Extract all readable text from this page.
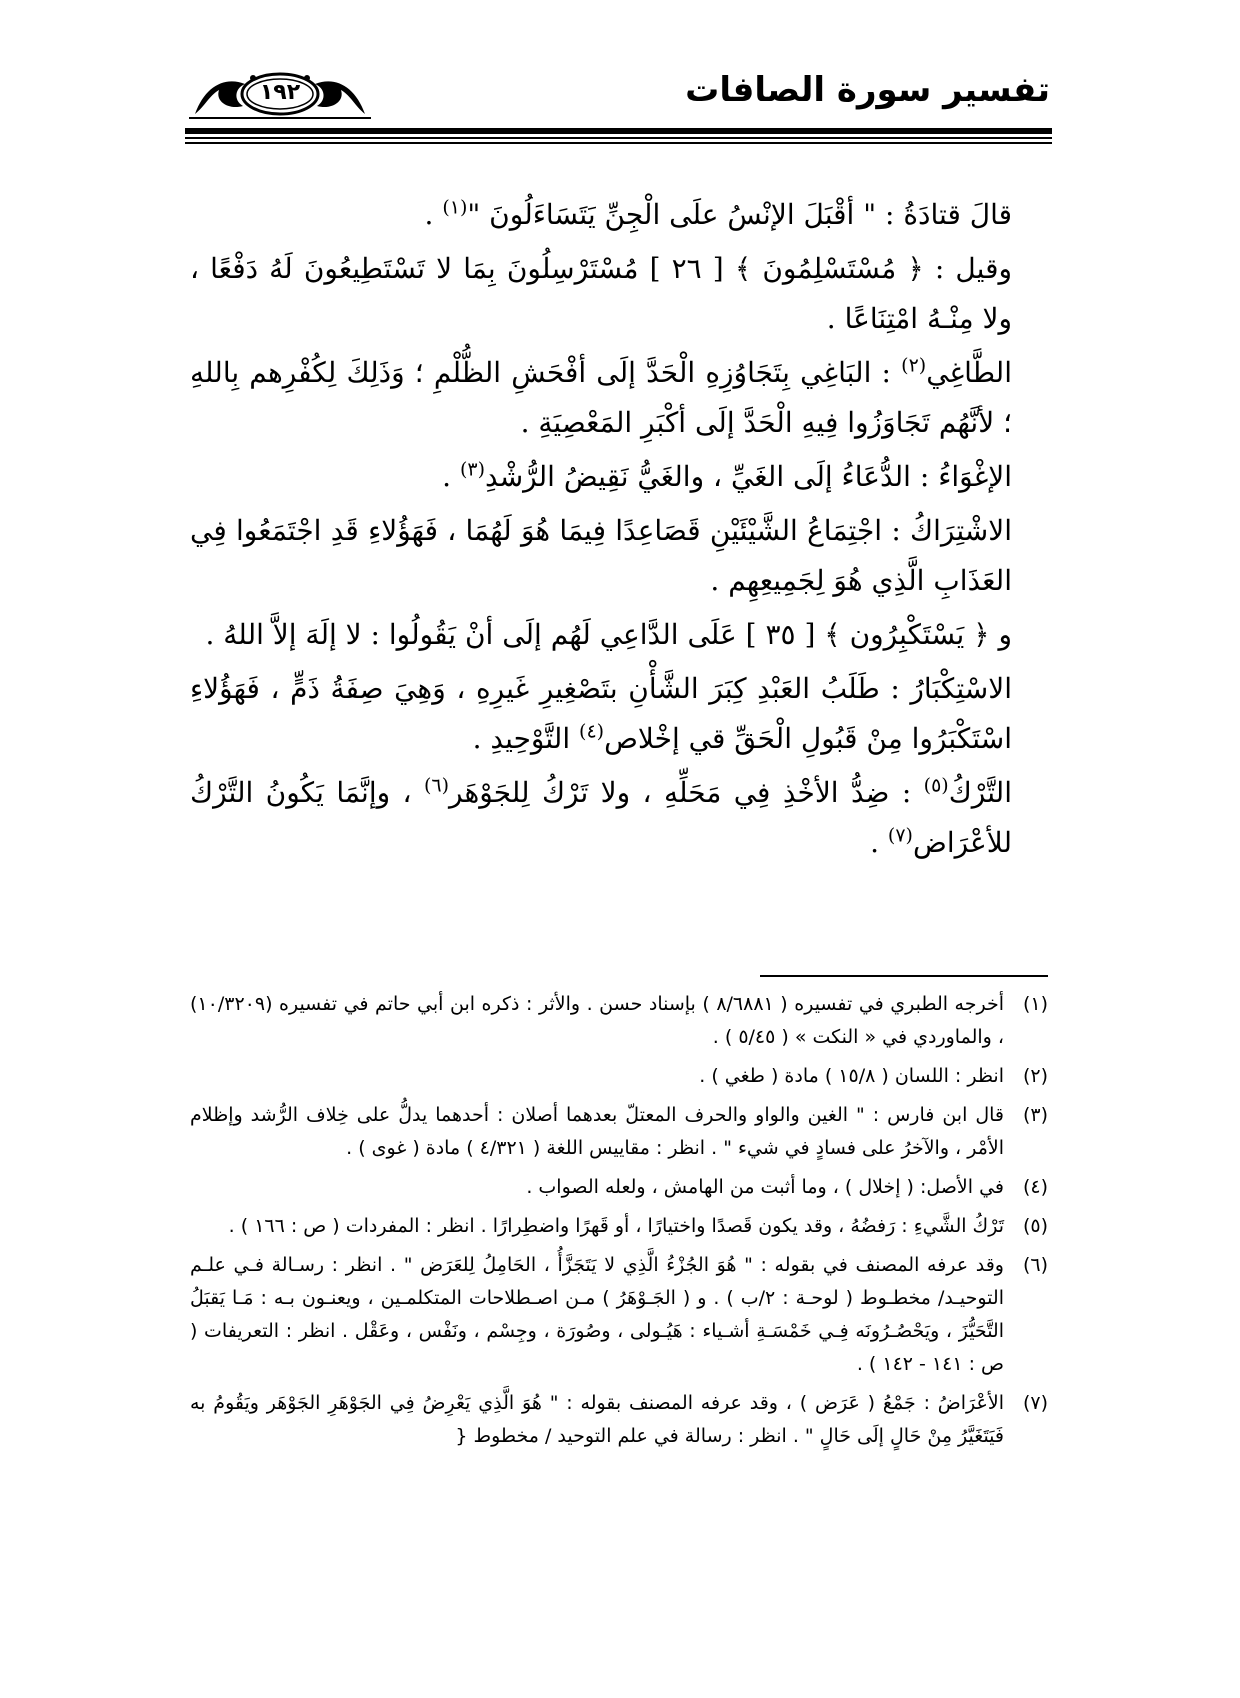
تفسير سورة الصافات
١٩٢

قالَ قتادَةُ : " أقْبَلَ الإنْسُ علَى الْجِنِّ يَتَسَاءَلُونَ "$^{(١)}$ .

وقيل : ﴿ مُسْتَسْلِمُونَ ﴾ [ ٢٦ ] مُسْتَرْسِلُونَ بِمَا لا تَسْتَطِيعُونَ لَهُ دَفْعًا ، ولا مِنْـهُ امْتِنَاعًا .

الطَّاغِي$^{(٢)}$ : البَاغِي بِتَجَاوُزِهِ الْحَدَّ إلَى أفْحَشِ الظُّلْمِ ؛ وَذَلِكَ لِكُفْرِهم بِاللهِ ؛ لأنَّهُم تَجَاوَزُوا فِيهِ الْحَدَّ إلَى أكْبَرِ المَعْصِيَةِ .

الإغْوَاءُ : الدُّعَاءُ إلَى الغَيِّ ، والغَيُّ نَقِيضُ الرُّشْدِ$^{(٣)}$ .

الاشْتِرَاكُ : اجْتِمَاعُ الشَّيْئَيْنِ قَصَاعِدًا فِيمَا هُوَ لَهُمَا ، فَهَؤُلاءِ قَدِ اجْتَمَعُوا فِي العَذَابِ الَّذِي هُوَ لِجَمِيعِهِم .

و ﴿ يَسْتَكْبِرُون ﴾ [ ٣٥ ] عَلَى الدَّاعِي لَهُم إلَى أنْ يَقُولُوا : لا إلَهَ إلاَّ اللهُ .

الاسْتِكْبَارُ : طَلَبُ العَبْدِ كِبَرَ الشَّأْنِ بتَصْغِيرِ غَيرِهِ ، وَهِيَ صِفَةُ ذَمٍّ ، فَهَؤُلاءِ اسْتَكْبَرُوا مِنْ قَبُولِ الْحَقِّ قي إخْلاص$^{(٤)}$ التَّوْحِيدِ .

التَّرْكُ$^{(٥)}$ : ضِدُّ الأخْذِ فِي مَحَلِّهِ ، ولا تَرْكُ لِلجَوْهَر$^{(٦)}$ ، وإنَّمَا يَكُونُ التَّرْكُ للأعْرَاض$^{(٧)}$ .

(١)
أخرجه الطبري في تفسيره ( ٨/٦٨٨١ ) بإسناد حسن . والأثر : ذكره ابن أبي حاتم في تفسيره (١٠/٣٢٠٩) ، والماوردي في « النكت » ( ٥/٤٥ ) .
(٢)
انظر : اللسان ( ١٥/٨ ) مادة ( طغي ) .
(٣)
قال ابن فارس : " الغين والواو والحرف المعتلّ بعدهما أصلان : أحدهما يدلُّ على خِلاف الرُّشد وإظلام الأمْر ، والآخرُ على فسادٍ في شيء " . انظر : مقاييس اللغة ( ٤/٣٢١ ) مادة ( غوى ) .
(٤)
في الأصل: ( إخلال ) ، وما أثبت من الهامش ، ولعله الصواب .
(٥)
تَرْكُ الشَّيءِ : رَفضُهُ ، وقد يكون قَصدًا واختيارًا ، أو قَهرًا واضطِرارًا . انظر : المفردات ( ص : ١٦٦ ) .
(٦)
وقد عرفه المصنف في بقوله : " هُوَ الجُزْءُ الَّذِي لا يَتَجَزَّأُ ، الحَامِلُ لِلعَرَض " . انظر : رسـالة فـي علـم التوحيـد/ مخطـوط ( لوحـة : ٢/ب ) . و ( الجَـوْهَرُ ) مـن اصـطلاحات المتكلمـين ، ويعنـون بـه : مَـا يَقبَلُ التَّحَيُّزَ ، ويَحْصُـرُونَه فِـي خَمْسَـةِ أشـياء : هَيُـولى ، وصُورَة ، وجِسْم ، ونَفْس ، وعَقْل . انظر : التعريفات ( ص : ١٤١ - ١٤٢ ) .
(٧)
الأعْرَاضُ : جَمْعُ ( عَرَض ) ، وقد عرفه المصنف بقوله : " هُوَ الَّذِي يَعْرِضُ فِي الجَوْهَرِ الجَوْهَر ويَقُومُ به فَيَتَغَيَّرُ مِنْ حَالٍ إلَى حَالٍ " . انظر : رسالة في علم التوحيد / مخطوط {
